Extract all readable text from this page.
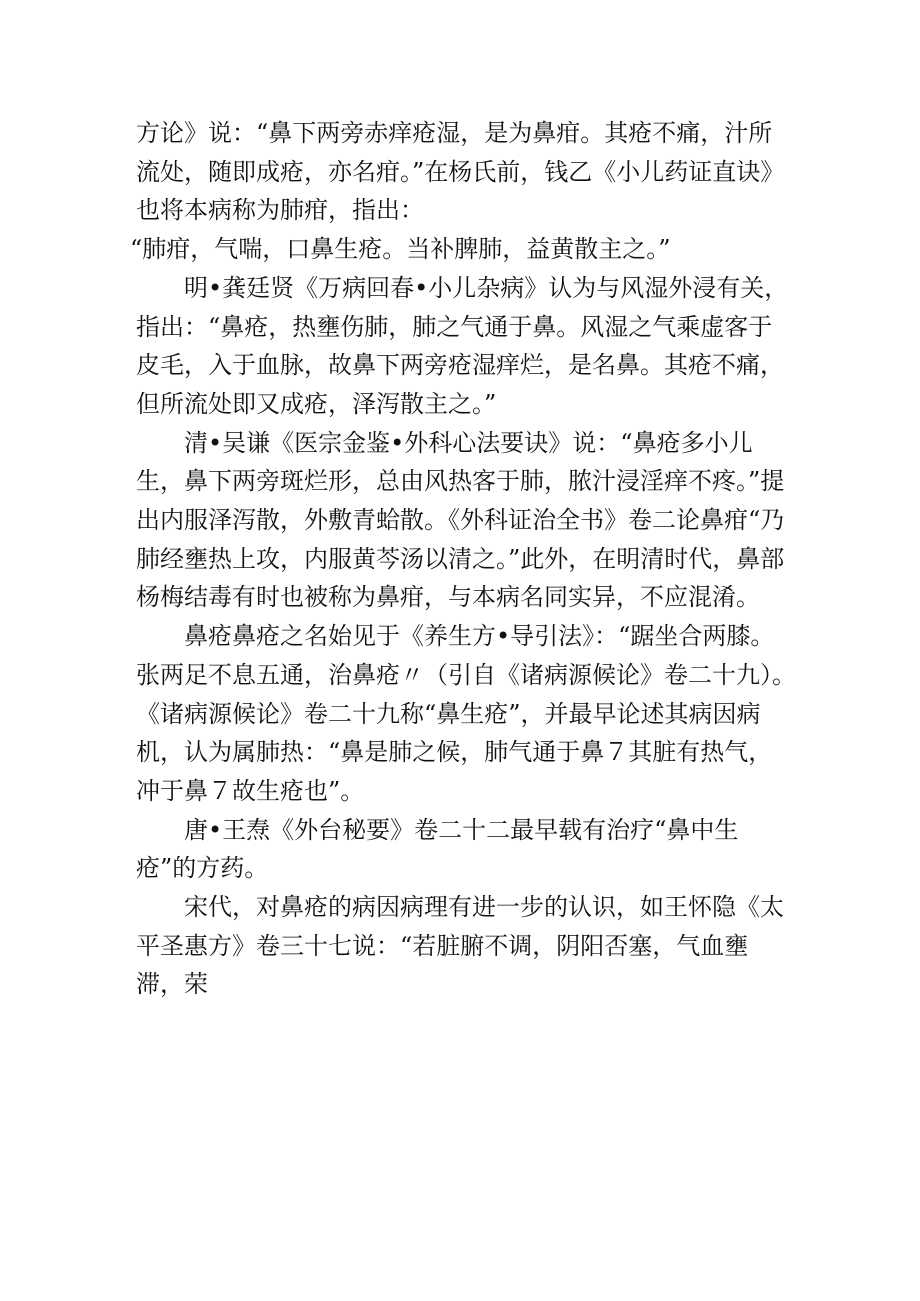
方论》说：“鼻下两旁赤痒疮湿，是为鼻疳。其疮不痛，汁所流处，随即成疮，亦名疳。”在杨氏前，钱乙《小儿药证直诀》也将本病称为肺疳，指出：

“肺疳，气喘，口鼻生疮。当补脾肺，益黄散主之。”

明•龚廷贤《万病回春•小儿杂病》认为与风湿外浸有关，指出：“鼻疮，热壅伤肺，肺之气通于鼻。风湿之气乘虚客于皮毛，入于血脉，故鼻下两旁疮湿痒烂，是名鼻。其疮不痛，但所流处即又成疮，泽泻散主之。”

清•吴谦《医宗金鉴•外科心法要诀》说：“鼻疮多小儿生，鼻下两旁斑烂形，总由风热客于肺，脓汁浸淫痒不疼。”提出内服泽泻散，外敷青蛤散。《外科证治全书》卷二论鼻疳“乃肺经壅热上攻，内服黄芩汤以清之。”此外，在明清时代，鼻部杨梅结毒有时也被称为鼻疳，与本病名同实异，不应混淆。

鼻疮鼻疮之名始见于《养生方•导引法》：“踞坐合两膝。张两足不息五通，治鼻疮〃（引自《诸病源候论》卷二十九）。《诸病源候论》卷二十九称“鼻生疮”，并最早论述其病因病机，认为属肺热：“鼻是肺之候，肺气通于鼻７其脏有热气，冲于鼻７故生疮也”。

唐•王焘《外台秘要》卷二十二最早载有治疗“鼻中生疮”的方药。

宋代，对鼻疮的病因病理有进一步的认识，如王怀隐《太平圣惠方》卷三十七说：“若脏腑不调，阴阳否塞，气血壅滞，荣
